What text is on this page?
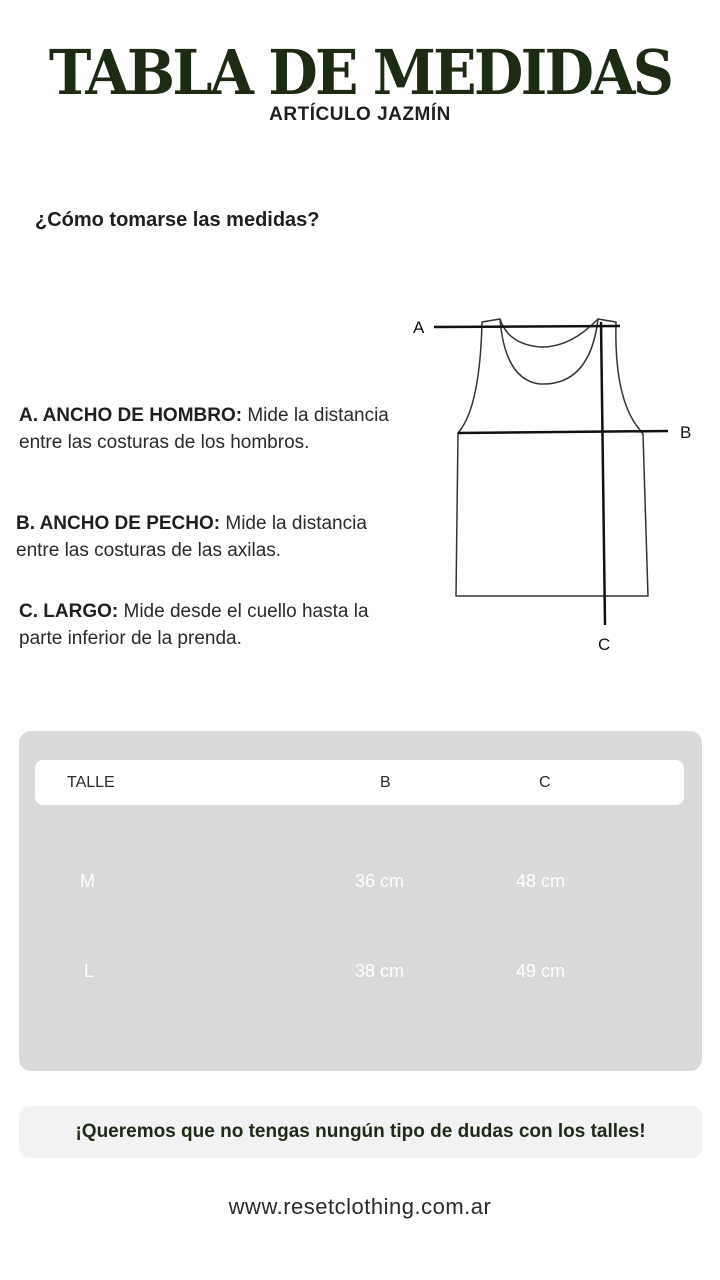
TABLA DE MEDIDAS
ARTÍCULO JAZMÍN
¿Cómo tomarse las medidas?
A. ANCHO DE HOMBRO: Mide la distancia entre las costuras de los hombros.
B. ANCHO DE PECHO: Mide la distancia entre las costuras de las axilas.
C. LARGO: Mide desde el cuello hasta la parte inferior de la prenda.
A
B
C
TALLE	B	C
M	36 cm	48 cm
L	38 cm	49 cm
¡Queremos que no tengas nungún tipo de dudas con los talles!
www.resetclothing.com.ar
